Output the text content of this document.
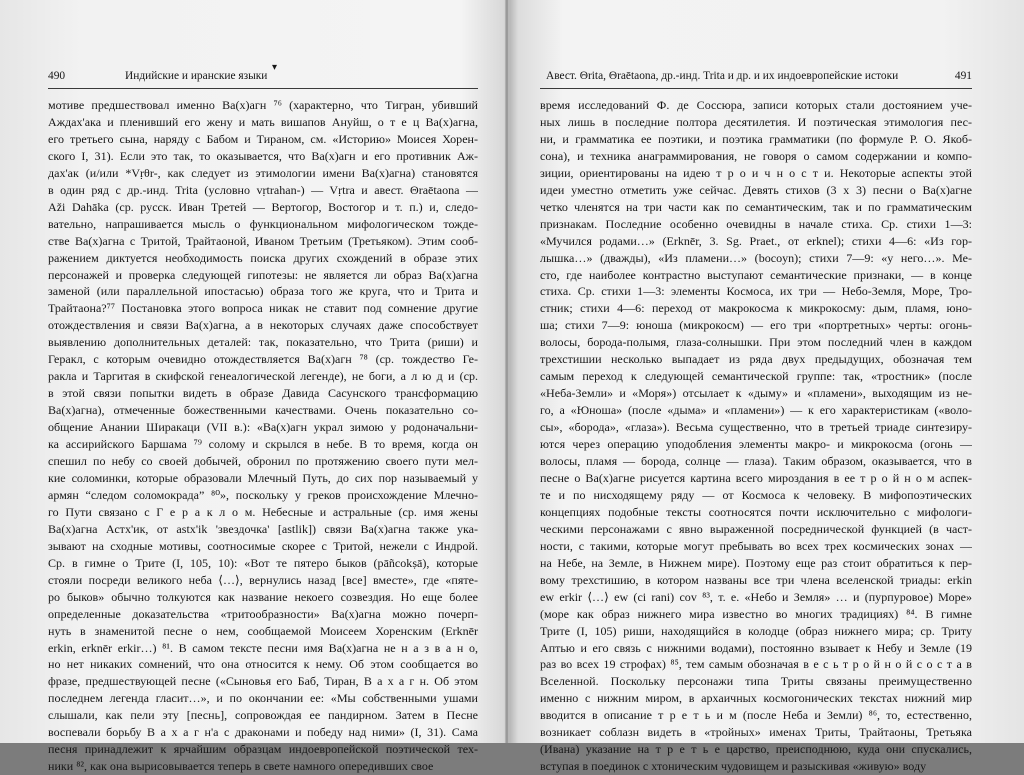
490	Индийские и иранские языки
▾
мотиве предшествовал именно Ва(х)агн ⁷⁶ (характерно, что Тигран, убивший
Аждах'ака и пленивший его жену и мать вишапов Ануйш, о т е ц Ва(х)агна,
его третьего сына, наряду с Бабом и Тираном, см. «Историю» Моисея Хорен-
ского I, 31). Если это так, то оказывается, что Ва(х)агн и его противник Аж-
дах'ак (и/или *Vṛθr-, как следует из этимологии имени Ва(х)агна) становятся
в один ряд с др.-инд. Trita (условно vṛtrahan-) — Vṛtra и авест. Θraētaona —
Aži Dahāka (ср. русск. Иван Третей — Вертогор, Востогор и т. п.) и, следо-
вательно, напрашивается мысль о функциональном мифологическом тожде-
стве Ва(х)агна с Тритой, Трайтаоной, Иваном Третьим (Третьяком). Этим сооб-
ражением диктуется необходимость поиска других схождений в образе этих
персонажей и проверка следующей гипотезы: не является ли образ Ва(х)агна
заменой (или параллельной ипостасью) образа того же круга, что и Трита и
Трайтаона?⁷⁷ Постановка этого вопроса никак не ставит под сомнение другие
отождествления и связи Ва(х)агна, а в некоторых случаях даже способствует
выявлению дополнительных деталей: так, показательно, что Трита (риши) и
Геракл, с которым очевидно отождествляется Ва(х)агн ⁷⁸ (ср. тождество Ге-
ракла и Таргитая в скифской генеалогической легенде), не боги, а л ю д и (ср.
в этой связи попытки видеть в образе Давида Сасунского трансформацию
Ва(х)агна), отмеченные божественными качествами. Очень показательно со-
общение Анании Ширакаци (VII в.): «Ва(х)агн украл зимою у родоначальни-
ка ассирийского Баршама ⁷⁹ солому и скрылся в небе. В то время, когда он
спешил по небу со своей добычей, обронил по протяжению своего пути мел-
кие соломинки, которые образовали Млечный Путь, до сих пор называемый у
армян “следом соломокрада” ⁸⁰», поскольку у греков происхождение Млечно-
го Пути связано с Г е р а к л о м. Небесные и астральные (ср. имя жены
Ва(х)агна Астх'ик, от astx'ik 'звездочка' [astlik]) связи Ва(х)агна также ука-
зывают на сходные мотивы, соотносимые скорее с Тритой, нежели с Индрой.
Ср. в гимне о Трите (I, 105, 10): «Вот те пятеро быков (pāñcokṣā), которые
стояли посреди великого неба ⟨…⟩, вернулись назад [все] вместе», где «пяте-
ро быков» обычно толкуются как название некоего созвездия. Но еще более
определенные доказательства «тритообразности» Ва(х)агна можно почерп-
нуть в знаменитой песне о нем, сообщаемой Моисеем Хоренским (Erknēr
erkin, erknēr erkir…) ⁸¹. В самом тексте песни имя Ва(х)агна не н а з в а н о,
но нет никаких сомнений, что она относится к нему. Об этом сообщается во
фразе, предшествующей песне («Сыновья его Баб, Тиран, В а х а г н. Об этом
последнем легенда гласит…», и по окончании ее: «Мы собственными ушами
слышали, как пели эту [песнь], сопровождая ее пандирном. Затем в Песне
воспевали борьбу В а х а г н'а с драконами и победу над ними» (I, 31). Сама
песня принадлежит к ярчайшим образцам индоевропейской поэтической тех-
ники ⁸², как она вырисовывается теперь в свете намного опередивших свое
Авест. Θrita, Θraētaona, др.-инд. Trita и др. и их индоевропейские истоки	491
время исследований Ф. де Соссюра, записи которых стали достоянием уче-
ных лишь в последние полтора десятилетия. И поэтическая этимология пес-
ни, и грамматика ее поэтики, и поэтика грамматики (по формуле Р. О. Якоб-
сона), и техника анаграммирования, не говоря о самом содержании и компо-
зиции, ориентированы на идею т р о и ч н о с т и. Некоторые аспекты этой
идеи уместно отметить уже сейчас. Девять стихов (3 x 3) песни о Ва(х)агне
четко членятся на три части как по семантическим, так и по грамматическим
признакам. Последние особенно очевидны в начале стиха. Ср. стихи 1—3:
«Мучился родами…» (Erknēr, 3. Sg. Praet., от erknel); стихи 4—6: «Из гор-
лышка…» (дважды), «Из пламени…» (bocoyn); стихи 7—9: «у него…». Ме-
сто, где наиболее контрастно выступают семантические признаки, — в конце
стиха. Ср. стихи 1—3: элементы Космоса, их три — Небо-Земля, Море, Тро-
стник; стихи 4—6: переход от макрокосма к микрокосму: дым, пламя, юно-
ша; стихи 7—9: юноша (микрокосм) — его три «портретных» черты: огонь-
волосы, борода-полымя, глаза-солнышки. При этом последний член в каждом
трехстишии несколько выпадает из ряда двух предыдущих, обозначая тем
самым переход к следующей семантической группе: так, «тростник» (после
«Неба-Земли» и «Моря») отсылает к «дыму» и «пламени», выходящим из не-
го, а «Юноша» (после «дыма» и «пламени») — к его характеристикам («воло-
сы», «борода», «глаза»). Весьма существенно, что в третьей триаде синтезиру-
ются через операцию уподобления элементы макро- и микрокосма (огонь —
волосы, пламя — борода, солнце — глаза). Таким образом, оказывается, что в
песне о Ва(х)агне рисуется картина всего мироздания в ее т р о й н о м аспек-
те и по нисходящему ряду — от Космоса к человеку. В мифопоэтических
концепциях подобные тексты соотносятся почти исключительно с мифологи-
ческими персонажами с явно выраженной посреднической функцией (в част-
ности, с такими, которые могут пребывать во всех трех космических зонах —
на Небе, на Земле, в Нижнем мире). Поэтому еще раз стоит обратиться к пер-
вому трехстишию, в котором названы все три члена вселенской триады: erkin
ew erkir ⟨…⟩ ew (ci rani) cov ⁸³, т. е. «Небо и Земля» … и (пурпуровое) Море»
(море как образ нижнего мира известно во многих традициях) ⁸⁴. В гимне
Трите (I, 105) риши, находящийся в колодце (образ нижнего мира; ср. Триту
Аптью и его связь с нижними водами), постоянно взывает к Небу и Земле (19
раз во всех 19 строфах) ⁸⁵, тем самым обозначая в е с ь т р о й н о й с о с т а в
Вселенной. Поскольку персонажи типа Триты связаны преимущественно
именно с нижним миром, в архаичных космогонических текстах нижний мир
вводится в описание т р е т ь и м (после Неба и Земли) ⁸⁶, то, естественно,
возникает соблазн видеть в «тройных» именах Триты, Трайтаоны, Третьяка
(Ивана) указание на т р е т ь е царство, преисподнюю, куда они спускались,
вступая в поединок с хтоническим чудовищем и разыскивая «живую» воду
